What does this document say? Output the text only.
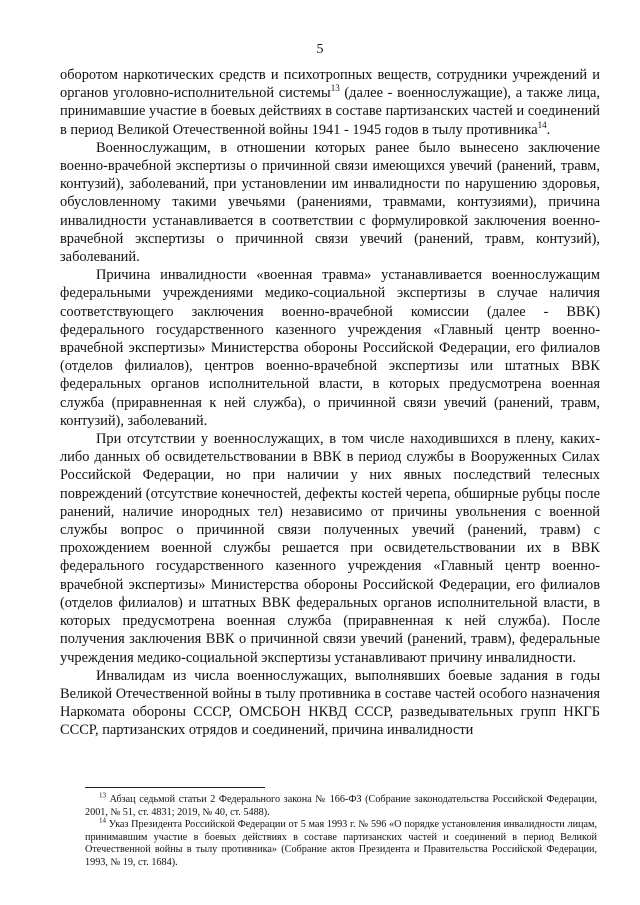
5

оборотом наркотических средств и психотропных веществ, сотрудники учреждений и органов уголовно-исполнительной системы$^{13}$ (далее - военнослужащие), а также лица, принимавшие участие в боевых действиях в составе партизанских частей и соединений в период Великой Отечественной войны 1941 - 1945 годов в тылу противника$^{14}$.

Военнослужащим, в отношении которых ранее было вынесено заключение военно-врачебной экспертизы о причинной связи имеющихся увечий (ранений, травм, контузий), заболеваний, при установлении им инвалидности по нарушению здоровья, обусловленному такими увечьями (ранениями, травмами, контузиями), причина инвалидности устанавливается в соответствии с формулировкой заключения военно-врачебной экспертизы о причинной связи увечий (ранений, травм, контузий), заболеваний.

Причина инвалидности «военная травма» устанавливается военнослужащим федеральными учреждениями медико-социальной экспертизы в случае наличия соответствующего заключения военно-врачебной комиссии (далее - ВВК) федерального государственного казенного учреждения «Главный центр военно-врачебной экспертизы» Министерства обороны Российской Федерации, его филиалов (отделов филиалов), центров военно-врачебной экспертизы или штатных ВВК федеральных органов исполнительной власти, в которых предусмотрена военная служба (приравненная к ней служба), о причинной связи увечий (ранений, травм, контузий), заболеваний.

При отсутствии у военнослужащих, в том числе находившихся в плену, каких-либо данных об освидетельствовании в ВВК в период службы в Вооруженных Силах Российской Федерации, но при наличии у них явных последствий телесных повреждений (отсутствие конечностей, дефекты костей черепа, обширные рубцы после ранений, наличие инородных тел) независимо от причины увольнения с военной службы вопрос о причинной связи полученных увечий (ранений, травм) с прохождением военной службы решается при освидетельствовании их в ВВК федерального государственного казенного учреждения «Главный центр военно-врачебной экспертизы» Министерства обороны Российской Федерации, его филиалов (отделов филиалов) и штатных ВВК федеральных органов исполнительной власти, в которых предусмотрена военная служба (приравненная к ней служба). После получения заключения ВВК о причинной связи увечий (ранений, травм), федеральные учреждения медико-социальной экспертизы устанавливают причину инвалидности.

Инвалидам из числа военнослужащих, выполнявших боевые задания в годы Великой Отечественной войны в тылу противника в составе частей особого назначения Наркомата обороны СССР, ОМСБОН НКВД СССР, разведывательных групп НКГБ СССР, партизанских отрядов и соединений, причина инвалидности

$^{13}$ Абзац седьмой статьи 2 Федерального закона № 166-ФЗ (Собрание законодательства Российской Федерации, 2001, № 51, ст. 4831; 2019, № 40, ст. 5488).

$^{14}$ Указ Президента Российской Федерации от 5 мая 1993 г. № 596 «О порядке установления инвалидности лицам, принимавшим участие в боевых действиях в составе партизанских частей и соединений в период Великой Отечественной войны в тылу противника» (Собрание актов Президента и Правительства Российской Федерации, 1993, № 19, ст. 1684).
